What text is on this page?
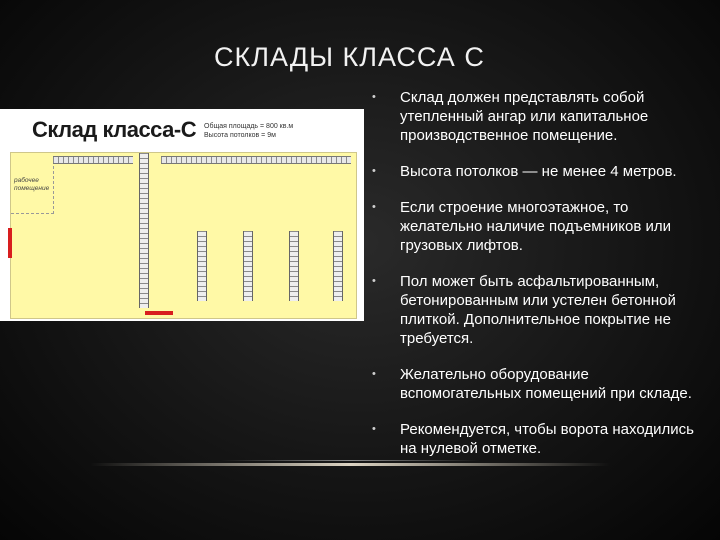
СКЛАДЫ КЛАССА С
Склад класса-С Общая площадь = 800 кв.м
Высота потолков = 9м
рабочее
помещение
• Склад должен представлять собой утепленный ангар или капитальное производственное помещение.
• Высота потолков — не менее 4 метров.
• Если строение многоэтажное, то желательно наличие подъемников или грузовых лифтов.
• Пол может быть асфальтированным, бетонированным или устелен бетонной плиткой. Дополнительное покрытие не требуется.
• Желательно оборудование вспомогательных помещений при складе.
• Рекомендуется, чтобы ворота находились на нулевой отметке.
